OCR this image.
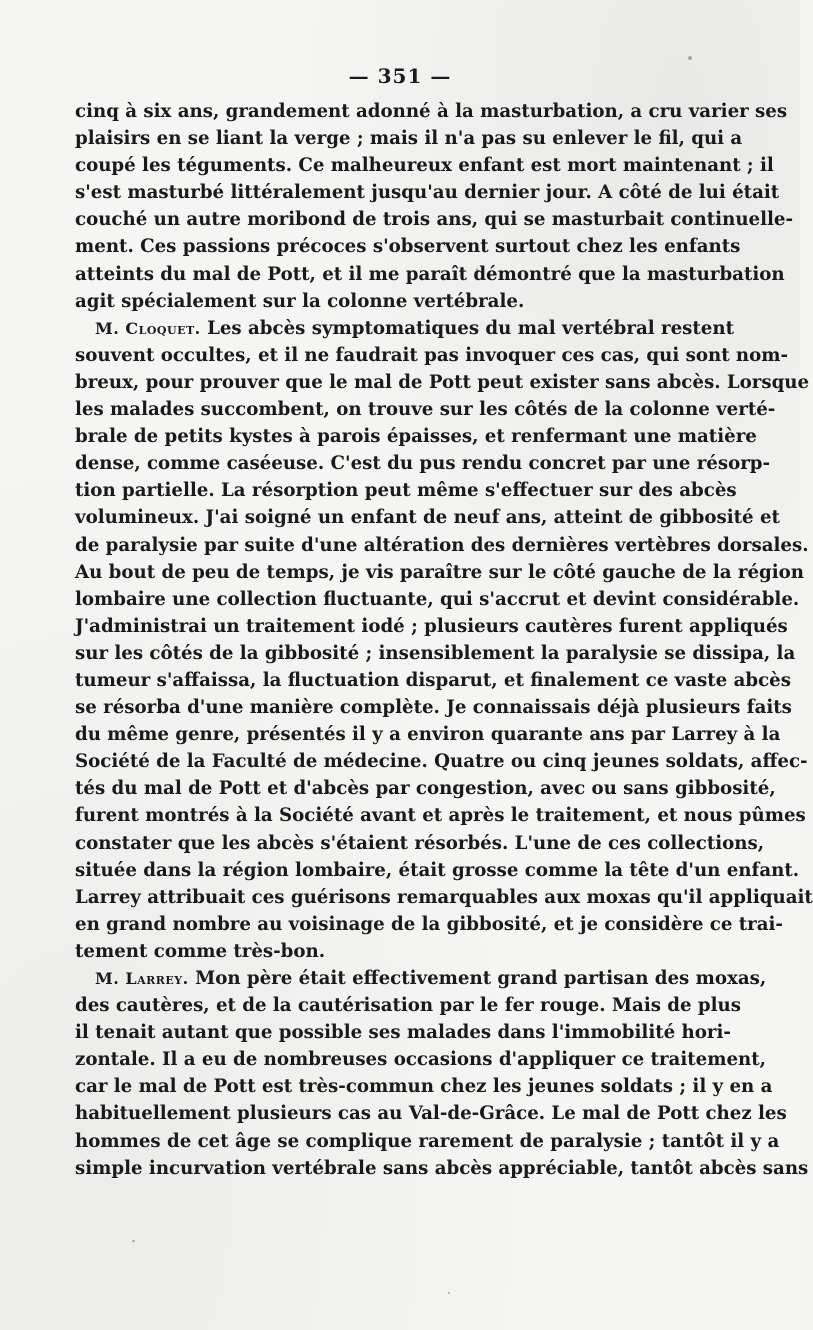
— 351 —
cinq à six ans, grandement adonné à la masturbation, a cru varier ses
plaisirs en se liant la verge ; mais il n'a pas su enlever le fil, qui a
coupé les téguments. Ce malheureux enfant est mort maintenant ; il
s'est masturbé littéralement jusqu'au dernier jour. A côté de lui était
couché un autre moribond de trois ans, qui se masturbait continuelle-
ment. Ces passions précoces s'observent surtout chez les enfants
atteints du mal de Pott, et il me paraît démontré que la masturbation
agit spécialement sur la colonne vertébrale.
M. Cloquet. Les abcès symptomatiques du mal vertébral restent
souvent occultes, et il ne faudrait pas invoquer ces cas, qui sont nom-
breux, pour prouver que le mal de Pott peut exister sans abcès. Lorsque
les malades succombent, on trouve sur les côtés de la colonne verté-
brale de petits kystes à parois épaisses, et renfermant une matière
dense, comme caséeuse. C'est du pus rendu concret par une résorp-
tion partielle. La résorption peut même s'effectuer sur des abcès
volumineux. J'ai soigné un enfant de neuf ans, atteint de gibbosité et
de paralysie par suite d'une altération des dernières vertèbres dorsales.
Au bout de peu de temps, je vis paraître sur le côté gauche de la région
lombaire une collection fluctuante, qui s'accrut et devint considérable.
J'administrai un traitement iodé ; plusieurs cautères furent appliqués
sur les côtés de la gibbosité ; insensiblement la paralysie se dissipa, la
tumeur s'affaissa, la fluctuation disparut, et finalement ce vaste abcès
se résorba d'une manière complète. Je connaissais déjà plusieurs faits
du même genre, présentés il y a environ quarante ans par Larrey à la
Société de la Faculté de médecine. Quatre ou cinq jeunes soldats, affec-
tés du mal de Pott et d'abcès par congestion, avec ou sans gibbosité,
furent montrés à la Société avant et après le traitement, et nous pûmes
constater que les abcès s'étaient résorbés. L'une de ces collections,
située dans la région lombaire, était grosse comme la tête d'un enfant.
Larrey attribuait ces guérisons remarquables aux moxas qu'il appliquait
en grand nombre au voisinage de la gibbosité, et je considère ce trai-
tement comme très-bon.
M. Larrey. Mon père était effectivement grand partisan des moxas,
des cautères, et de la cautérisation par le fer rouge. Mais de plus
il tenait autant que possible ses malades dans l'immobilité hori-
zontale. Il a eu de nombreuses occasions d'appliquer ce traitement,
car le mal de Pott est très-commun chez les jeunes soldats ; il y en a
habituellement plusieurs cas au Val-de-Grâce. Le mal de Pott chez les
hommes de cet âge se complique rarement de paralysie ; tantôt il y a
simple incurvation vertébrale sans abcès appréciable, tantôt abcès sans
